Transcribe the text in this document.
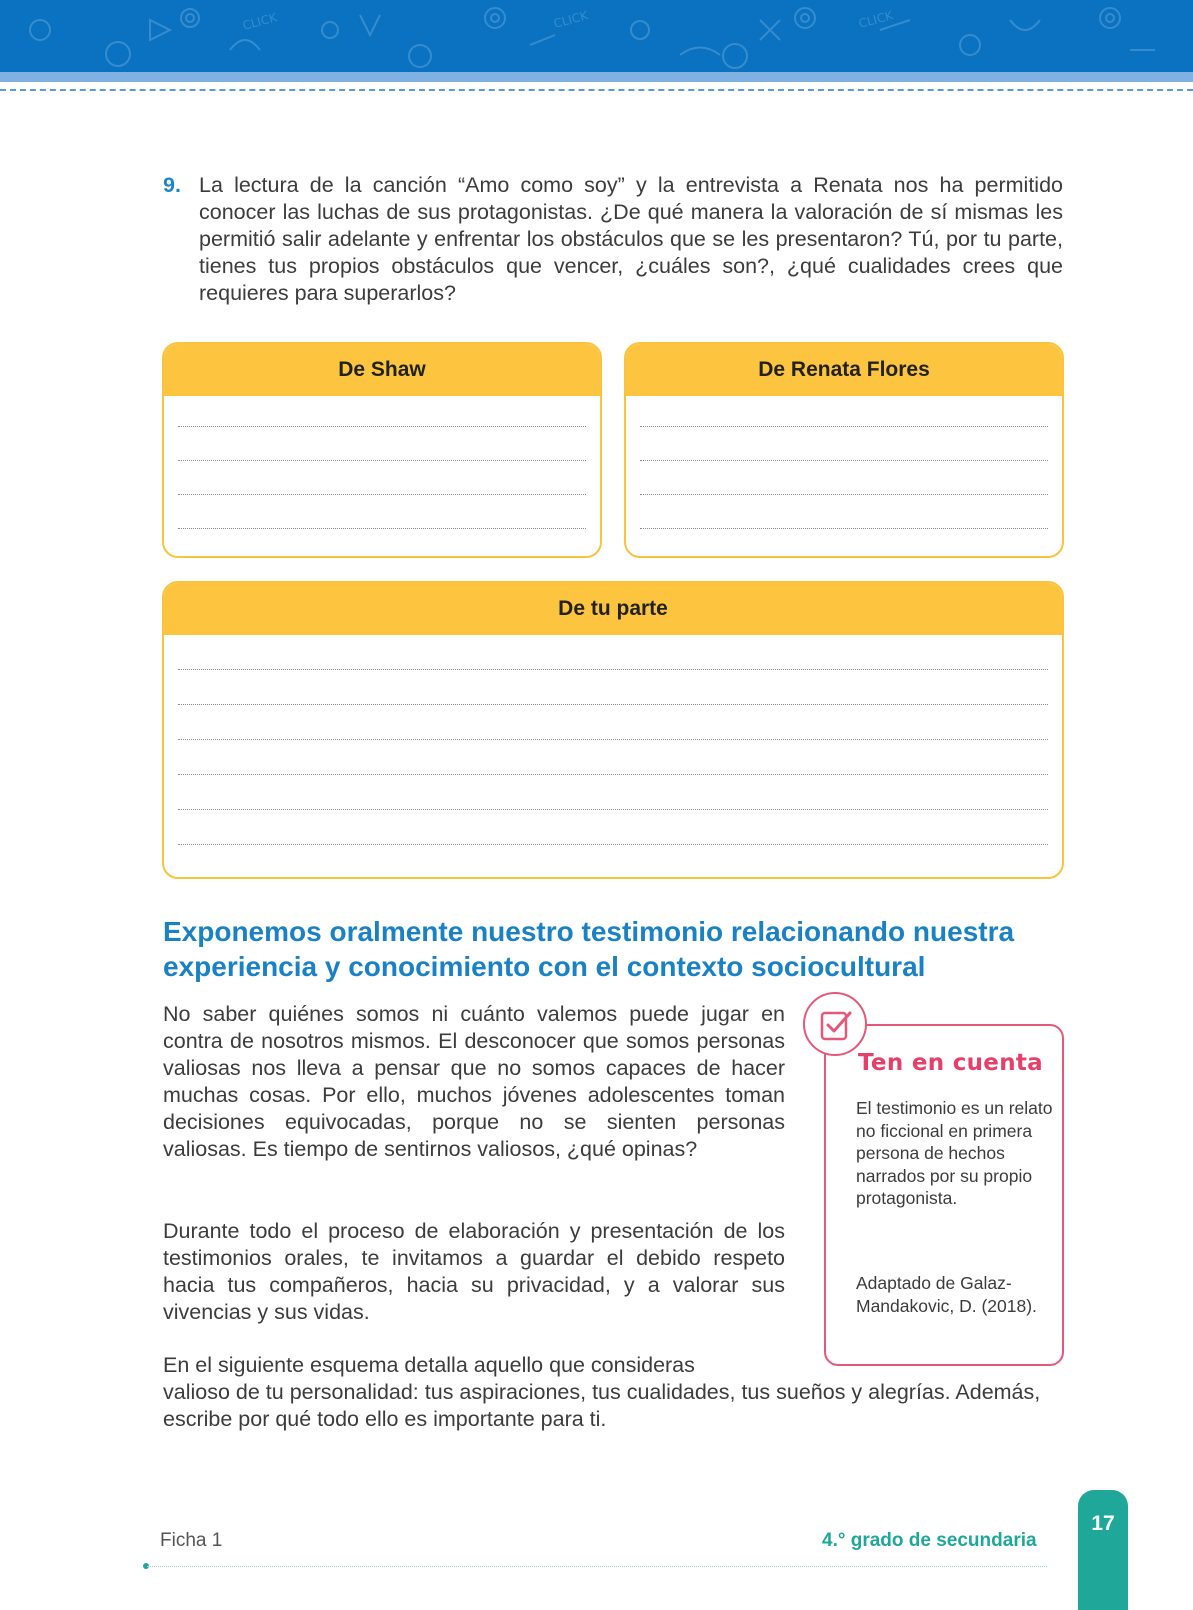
CLICK	CLICK	CLICK
9. La lectura de la canción “Amo como soy” y la entrevista a Renata nos ha permitido conocer las luchas de sus protagonistas. ¿De qué manera la valoración de sí mismas les permitió salir adelante y enfrentar los obstáculos que se les presentaron? Tú, por tu parte, tienes tus propios obstáculos que vencer, ¿cuáles son?, ¿qué cualidades crees que requieres para superarlos?
De Shaw	De Renata Flores
De tu parte
Exponemos oralmente nuestro testimonio relacionando nuestra experiencia y conocimiento con el contexto sociocultural

No saber quiénes somos ni cuánto valemos puede jugar en contra de nosotros mismos. El desconocer que somos personas valiosas nos lleva a pensar que no somos capaces de hacer muchas cosas. Por ello, muchos jóvenes adolescentes toman decisiones equivocadas, porque no se sienten personas valiosas. Es tiempo de sentirnos valiosos, ¿qué opinas?

Durante todo el proceso de elaboración y presentación de los testimonios orales, te invitamos a guardar el debido respeto hacia tus compañeros, hacia su privacidad, y a valorar sus vivencias y sus vidas.

En el siguiente esquema detalla aquello que consideras

valioso de tu personalidad: tus aspiraciones, tus cualidades, tus sueños y alegrías. Además, escribe por qué todo ello es importante para ti.

Ten en cuenta

El testimonio es un relato no ficcional en primera persona de hechos narrados por su propio protagonista.

Adaptado de Galaz-Mandakovic, D. (2018).

Ficha 1	4.° grado de secundaria
17
